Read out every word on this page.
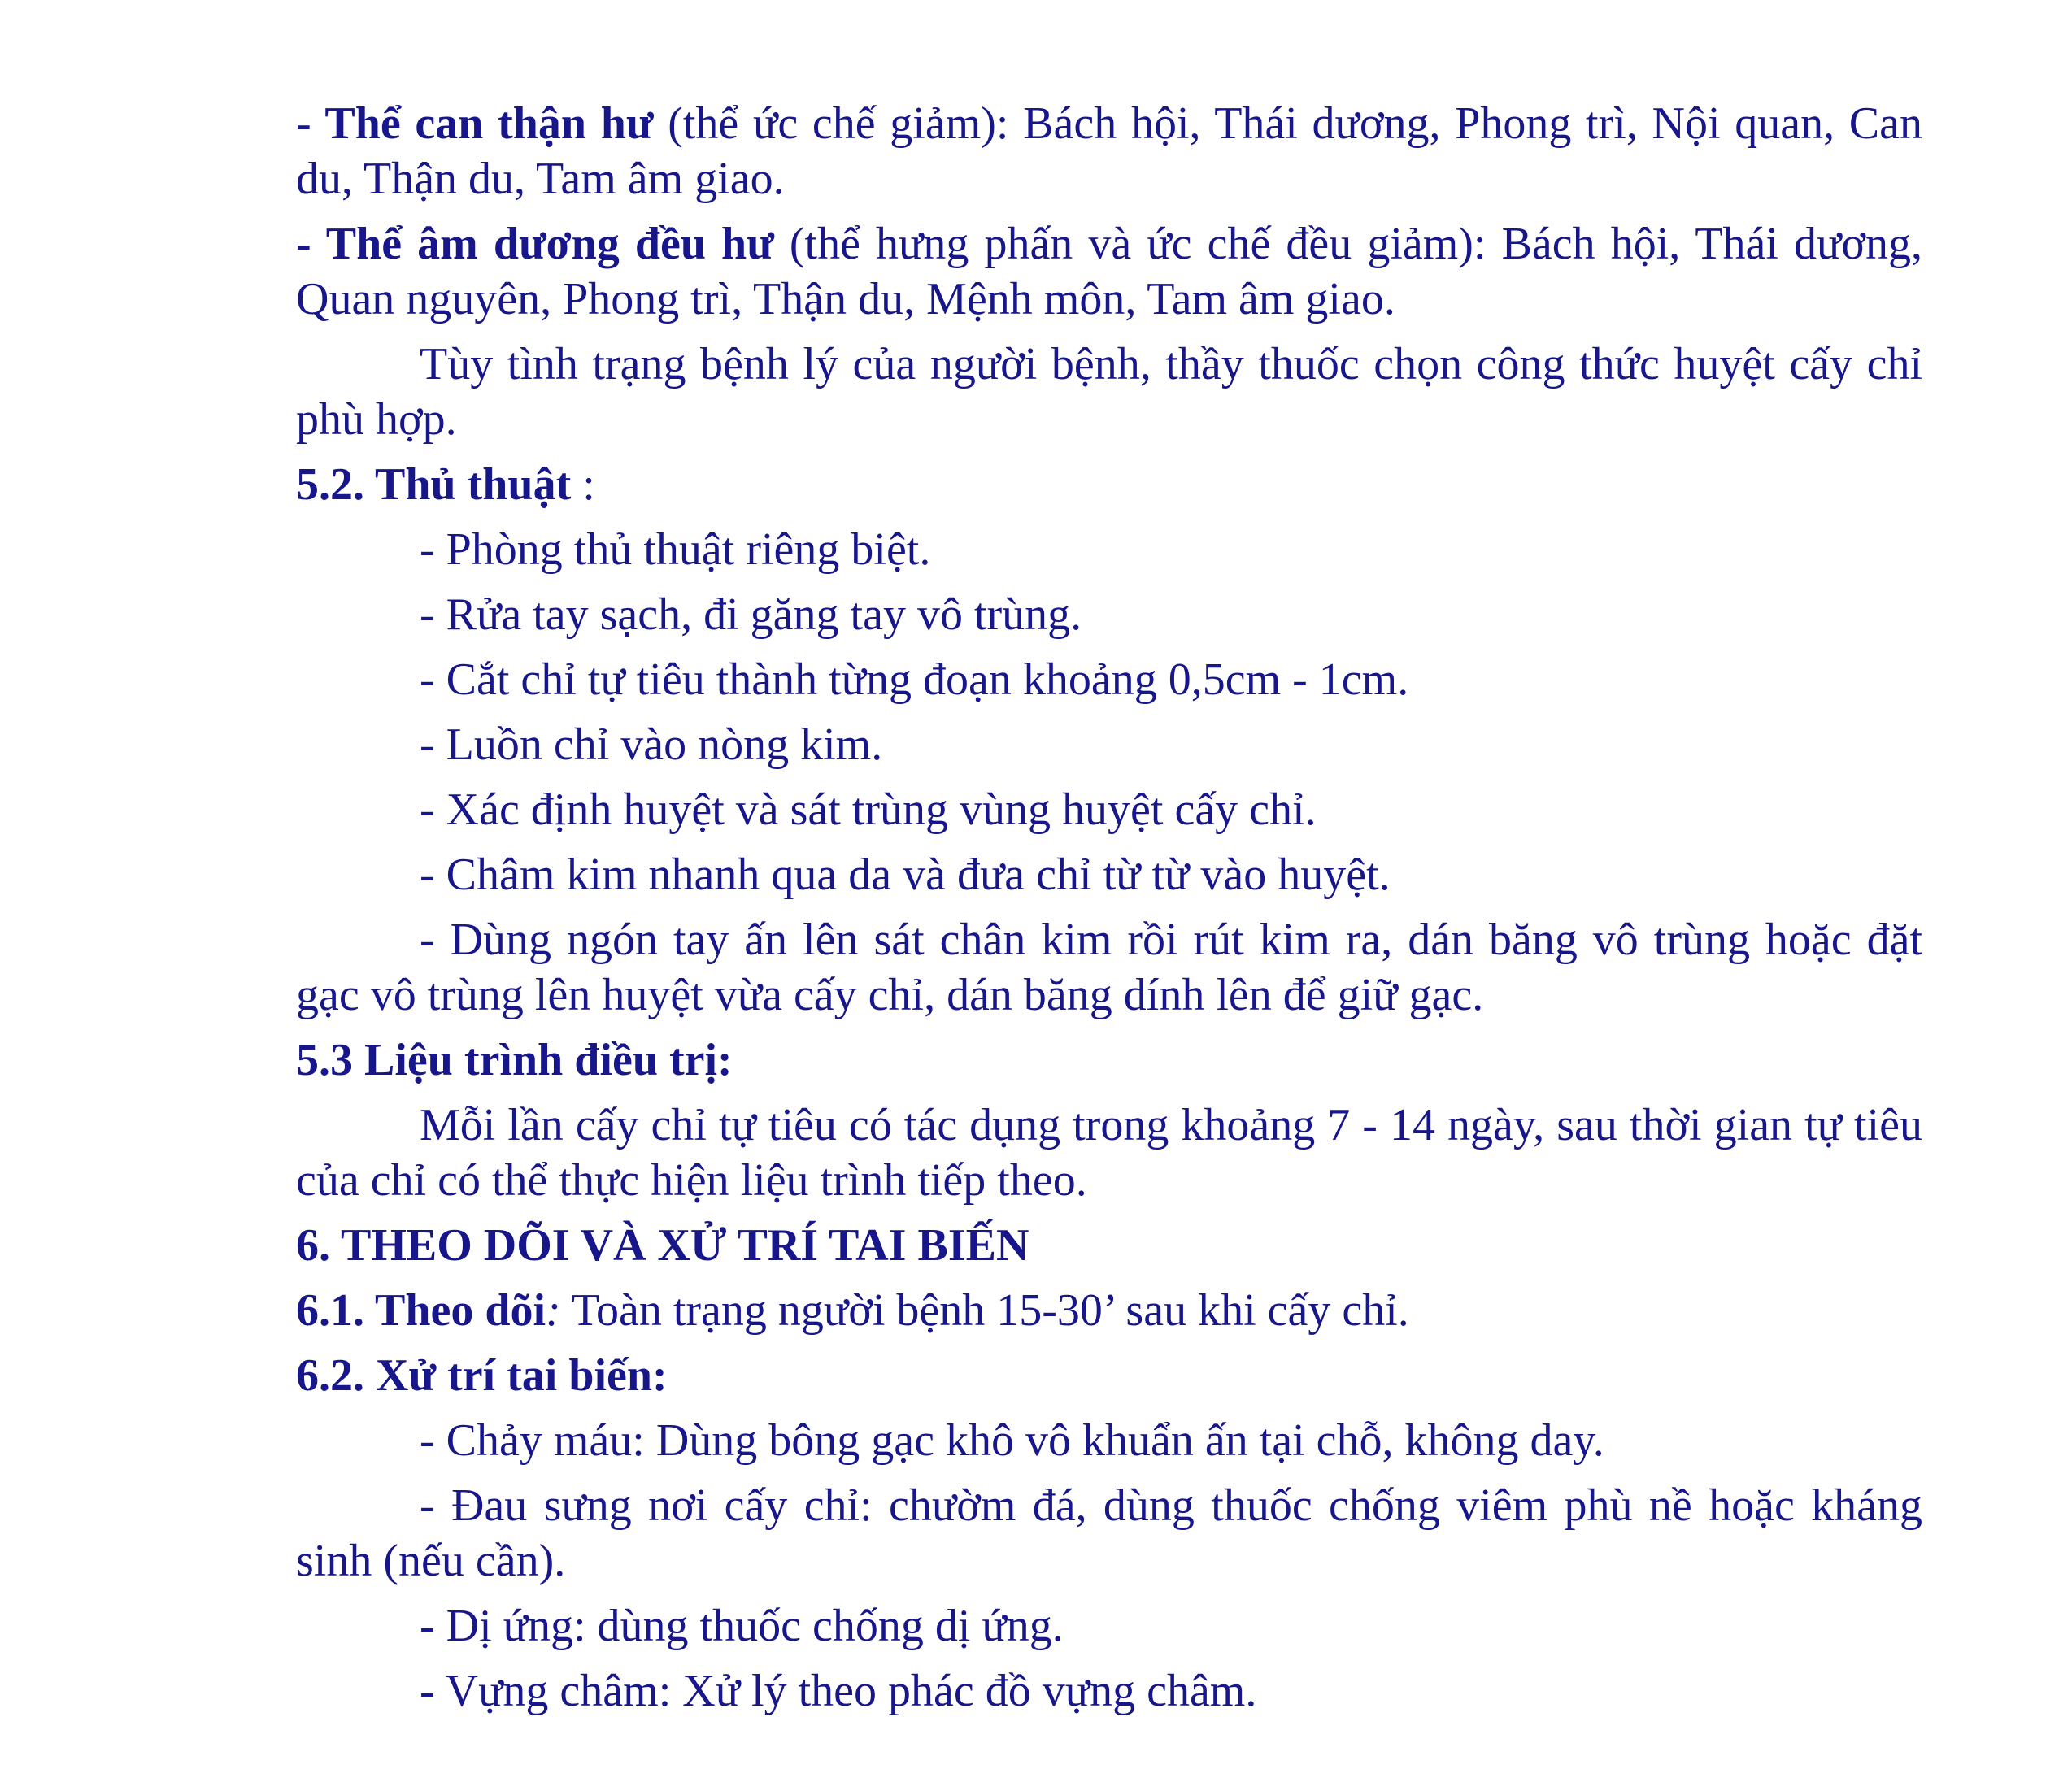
- Thể can thận hư (thể ức chế giảm): Bách hội, Thái dương, Phong trì, Nội quan, Can du, Thận du, Tam âm giao.

- Thể âm dương đều hư (thể hưng phấn và ức chế đều giảm): Bách hội, Thái dương, Quan nguyên, Phong trì, Thận du, Mệnh môn, Tam âm giao.

Tùy tình trạng bệnh lý của người bệnh, thầy thuốc chọn công thức huyệt cấy chỉ phù hợp.

5.2. Thủ thuật :

- Phòng thủ thuật riêng biệt.

- Rửa tay sạch, đi găng tay vô trùng.

- Cắt chỉ tự tiêu thành từng đoạn khoảng 0,5cm - 1cm.

- Luồn chỉ vào nòng kim.

- Xác định huyệt và sát trùng vùng huyệt cấy chỉ.

- Châm kim nhanh qua da và đưa chỉ từ từ vào huyệt.

- Dùng ngón tay ấn lên sát chân kim rồi rút kim ra, dán băng vô trùng hoặc đặt gạc vô trùng lên huyệt vừa cấy chỉ, dán băng dính lên để giữ gạc.

5.3 Liệu trình điều trị:

Mỗi lần cấy chỉ tự tiêu có tác dụng trong khoảng 7 - 14 ngày, sau thời gian tự tiêu của chỉ có thể thực hiện liệu trình tiếp theo.

6. THEO DÕI VÀ XỬ TRÍ TAI BIẾN

6.1. Theo dõi: Toàn trạng người bệnh 15-30’ sau khi cấy chỉ.

6.2. Xử trí tai biến:

- Chảy máu: Dùng bông gạc khô vô khuẩn ấn tại chỗ, không day.

- Đau sưng nơi cấy chỉ: chườm đá, dùng thuốc chống viêm phù nề hoặc kháng sinh (nếu cần).

- Dị ứng: dùng thuốc chống dị ứng.

- Vựng châm: Xử lý theo phác đồ vựng châm.
